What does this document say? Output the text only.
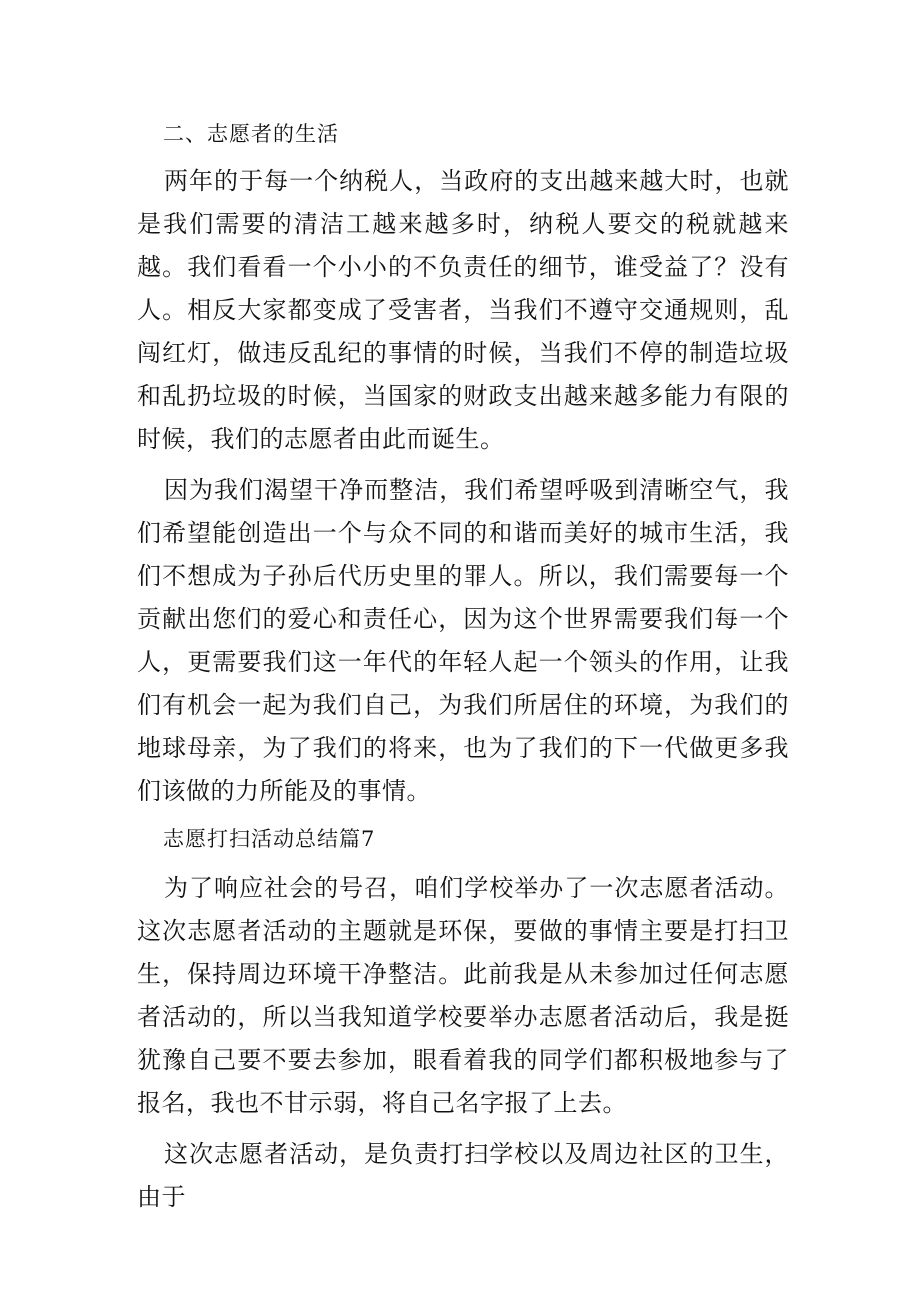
二、志愿者的生活

两年的于每一个纳税人，当政府的支出越来越大时，也就是我们需要的清洁工越来越多时，纳税人要交的税就越来越。我们看看一个小小的不负责任的细节，谁受益了？没有人。相反大家都变成了受害者，当我们不遵守交通规则，乱闯红灯，做违反乱纪的事情的时候，当我们不停的制造垃圾和乱扔垃圾的时候，当国家的财政支出越来越多能力有限的时候，我们的志愿者由此而诞生。

因为我们渴望干净而整洁，我们希望呼吸到清晰空气，我们希望能创造出一个与众不同的和谐而美好的城市生活，我们不想成为子孙后代历史里的罪人。所以，我们需要每一个贡献出您们的爱心和责任心，因为这个世界需要我们每一个人，更需要我们这一年代的年轻人起一个领头的作用，让我们有机会一起为我们自己，为我们所居住的环境，为我们的地球母亲，为了我们的将来，也为了我们的下一代做更多我们该做的力所能及的事情。

志愿打扫活动总结篇7

为了响应社会的号召，咱们学校举办了一次志愿者活动。这次志愿者活动的主题就是环保，要做的事情主要是打扫卫生，保持周边环境干净整洁。此前我是从未参加过任何志愿者活动的，所以当我知道学校要举办志愿者活动后，我是挺犹豫自己要不要去参加，眼看着我的同学们都积极地参与了报名，我也不甘示弱，将自己名字报了上去。

这次志愿者活动，是负责打扫学校以及周边社区的卫生，由于
